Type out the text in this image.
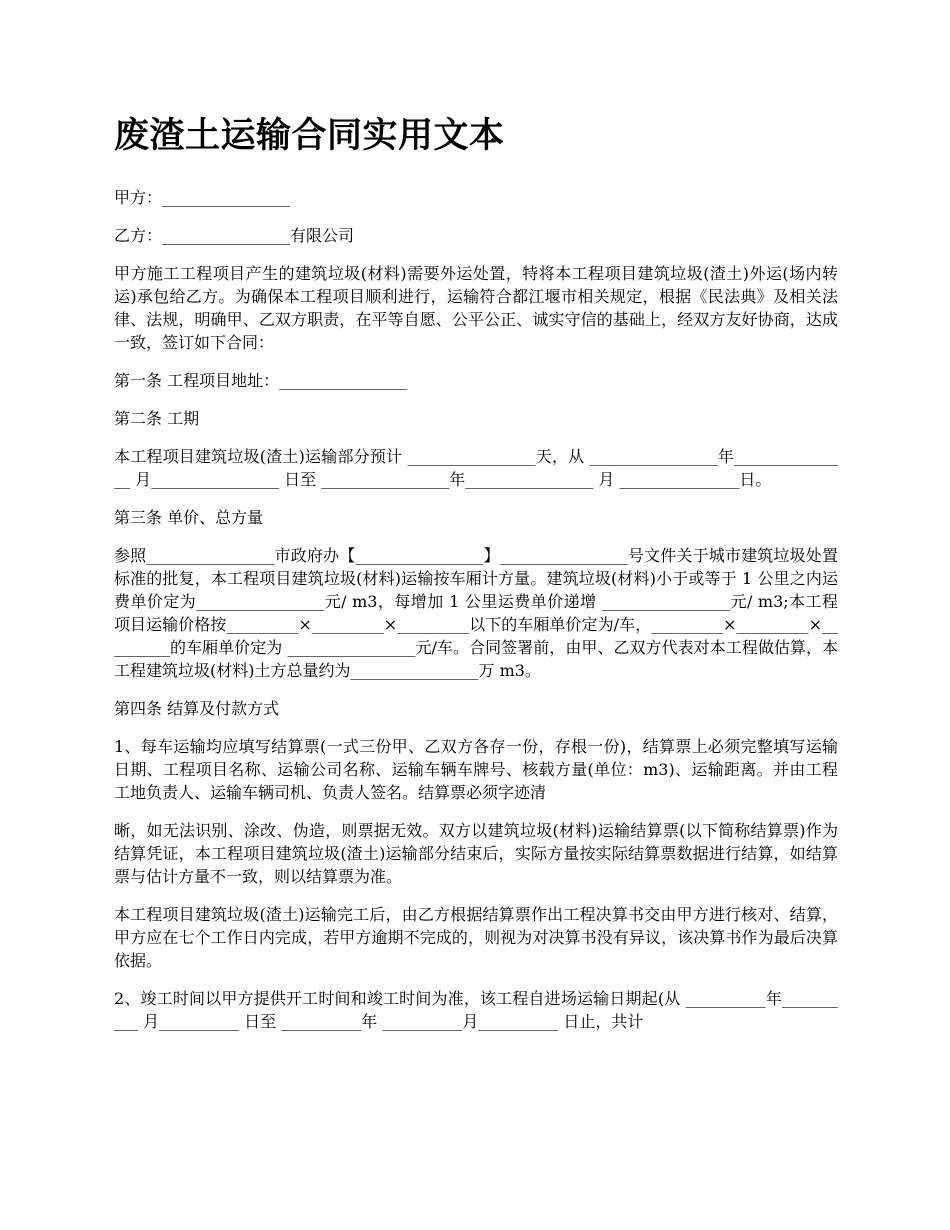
废渣土运输合同实用文本

甲方：________________

乙方：________________有限公司

甲方施工工程项目产生的建筑垃圾(材料)需要外运处置，特将本工程项目建筑垃圾(渣土)外运(场内转运)承包给乙方。为确保本工程项目顺利进行，运输符合都江堰市相关规定，根据《民法典》及相关法律、法规，明确甲、乙双方职责，在平等自愿、公平公正、诚实守信的基础上，经双方友好协商，达成一致，签订如下合同：

第一条 工程项目地址：________________

第二条 工期

本工程项目建筑垃圾(渣土)运输部分预计 ________________天，从 ________________年_______________ 月________________ 日至 ________________年________________ 月 _______________日。

第三条 单价、总方量

参照________________市政府办【________________】________________号文件关于城市建筑垃圾处置标准的批复，本工程项目建筑垃圾(材料)运输按车厢计方量。建筑垃圾(材料)小于或等于 1 公里之内运费单价定为________________元/ m3，每增加 1 公里运费单价递增 ________________元/ m3;本工程项目运输价格按_________×_________×_________以下的车厢单价定为/车，_________×_________×_________的车厢单价定为 ________________元/车。合同签署前，由甲、乙双方代表对本工程做估算，本工程建筑垃圾(材料)土方总量约为________________万 m3。

第四条 结算及付款方式

1、每车运输均应填写结算票(一式三份甲、乙双方各存一份，存根一份)，结算票上必须完整填写运输日期、工程项目名称、运输公司名称、运输车辆车牌号、核载方量(单位：m3)、运输距离。并由工程工地负责人、运输车辆司机、负责人签名。结算票必须字迹清

晰，如无法识别、涂改、伪造，则票据无效。双方以建筑垃圾(材料)运输结算票(以下简称结算票)作为结算凭证，本工程项目建筑垃圾(渣土)运输部分结束后，实际方量按实际结算票数据进行结算，如结算票与估计方量不一致，则以结算票为准。

本工程项目建筑垃圾(渣土)运输完工后，由乙方根据结算票作出工程决算书交由甲方进行核对、结算，甲方应在七个工作日内完成，若甲方逾期不完成的，则视为对决算书没有异议，该决算书作为最后决算依据。

2、竣工时间以甲方提供开工时间和竣工时间为准，该工程自进场运输日期起(从 __________年__________ 月__________ 日至 __________年 __________月__________ 日止，共计
